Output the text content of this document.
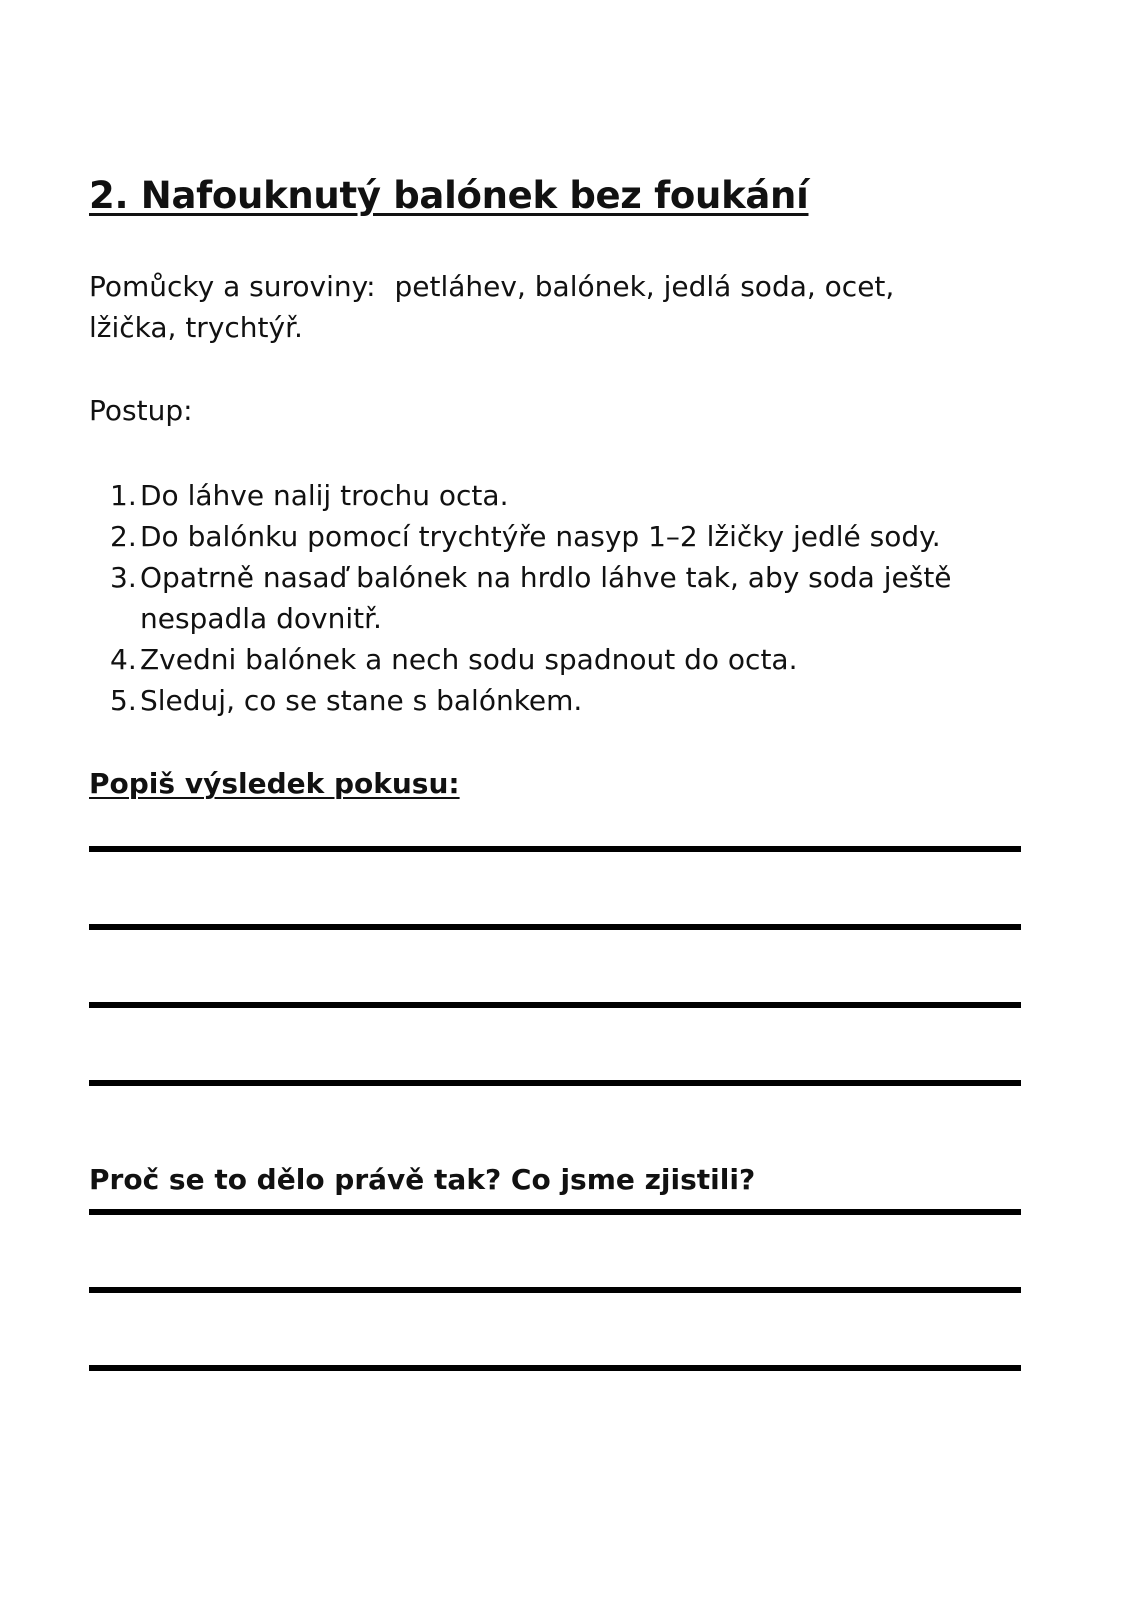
2. Nafouknutý balónek bez foukání

Pomůcky a suroviny: petláhev, balónek, jedlá soda, ocet, lžička, trychtýř.

Postup:

1. Do láhve nalij trochu octa.
2. Do balónku pomocí trychtýře nasyp 1–2 lžičky jedlé sody.
3. Opatrně nasaď balónek na hrdlo láhve tak, aby soda ještě nespadla dovnitř.
4. Zvedni balónek a nech sodu spadnout do octa.
5. Sleduj, co se stane s balónkem.

Popiš výsledek pokusu:

Proč se to dělo právě tak? Co jsme zjistili?
